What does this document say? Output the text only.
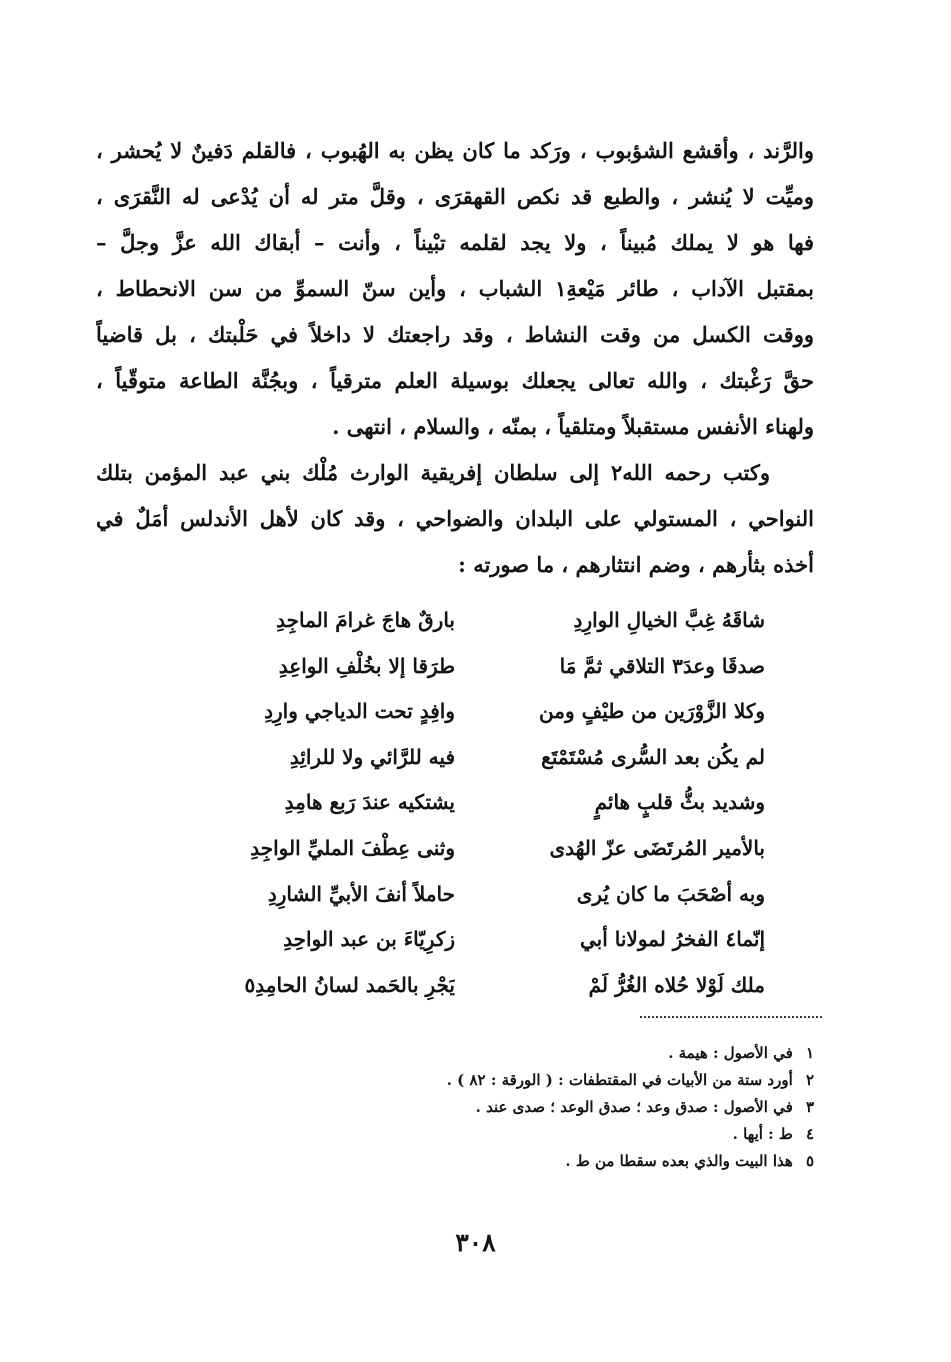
والرَّند ، وأقشع الشؤبوب ، ورَكد ما كان يظن به الهُبوب ، فالقلم دَفينٌ لا يُحشر ،
وميِّت لا يُنشر ، والطبع قد نكص القهقرَى ، وقلَّ متر له أن يُدْعى له النَّقرَى ،
فها هو لا يملك مُبيناً ، ولا يجد لقلمه تبْيناً ، وأنت – أبقاك الله عزَّ وجلَّ –
بمقتبل الآداب ، طائر مَيْعةِ١ الشباب ، وأين سنّ السموِّ من سن الانحطاط ،
ووقت الكسل من وقت النشاط ، وقد راجعتك لا داخلاً في حَلْبتك ، بل قاضياً
حقَّ رَغْبتك ، والله تعالى يجعلك بوسيلة العلم مترقياً ، وبجُنَّة الطاعة متوقّياً ،
ولهناء الأنفس مستقبلاً ومتلقياً ، بمنّه ، والسلام ، انتهى .
وكتب رحمه الله٢ إلى سلطان إفريقية الوارث مُلْك بني عبد المؤمن بتلك
النواحي ، المستولي على البلدان والضواحي ، وقد كان لأهل الأندلس أمَلٌ في
أخذه بثأرهم ، وضم انتثارهم ، ما صورته :
شاقَهُ غِبَّ الخيالِ الوارِدِ
بارقٌ هاجَ غرامَ الماجِدِ
صدقَا وعدَ٣ التلاقي ثمَّ مَا
طرَقا إلا بخُلْفِ الواعِدِ
وكلا الزَّوْرَين من طيْفٍ ومن
وافِدٍ تحت الدياجي وارِدِ
لم يكُن بعد السُّرى مُسْتَمْتَع
فيه للرَّائي ولا للرائِدِ
وشديد بثُّ قلبٍ هائمٍ
يشتكيه عندَ رَبع هامِدِ
بالأمير المُرتَضَى عزّ الهُدى
وثنى عِطْفَ المليِّ الواجِدِ
وبه أصْحَبَ ما كان يُرى
حاملاً أنفَ الأبيِّ الشارِدِ
إنّما٤ الفخرُ لمولانا أبي
زكرِيّاءَ بن عبد الواحِدِ
ملك لَوْلا حُلاه الغُرُّ لَمْ
يَجْرِ بالحَمد لسانُ الحامِدِ٥
١ في الأصول : هيمة .
٢ أورد ستة من الأبيات في المقتطفات : ( الورقة : ٨٢ ) .
٣ في الأصول : صدق وعد ؛ صدق الوعد ؛ صدى عند .
٤ ط : أيها .
٥ هذا البيت والذي بعده سقطا من ط .
٣٠٨
